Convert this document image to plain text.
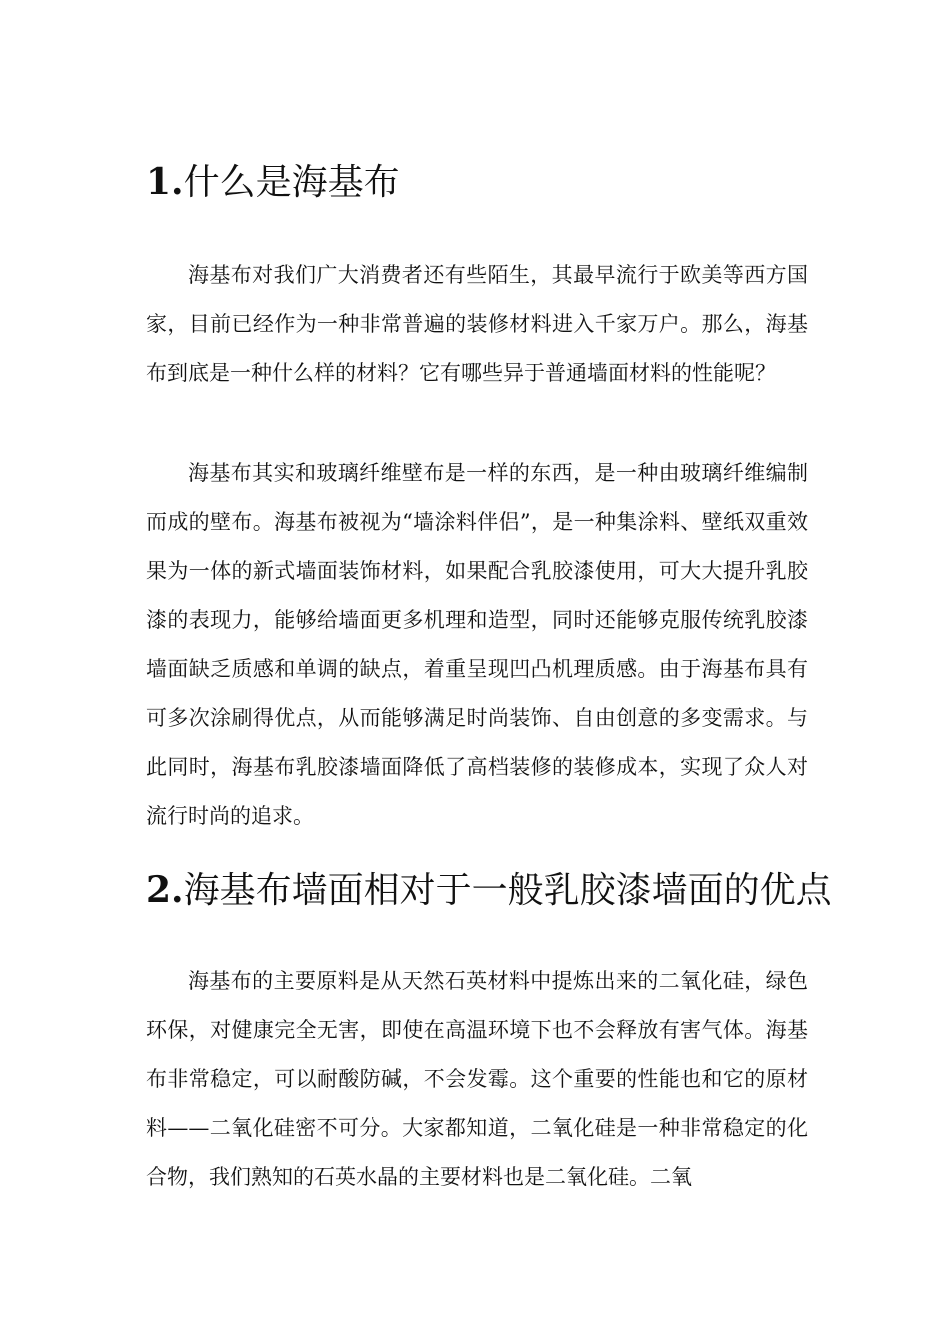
1.什么是海基布

海基布对我们广大消费者还有些陌生，其最早流行于欧美等西方国家，目前已经作为一种非常普遍的装修材料进入千家万户。那么，海基布到底是一种什么样的材料？它有哪些异于普通墙面材料的性能呢？

海基布其实和玻璃纤维壁布是一样的东西，是一种由玻璃纤维编制而成的壁布。海基布被视为“墙涂料伴侣”，是一种集涂料、壁纸双重效果为一体的新式墙面装饰材料，如果配合乳胶漆使用，可大大提升乳胶漆的表现力，能够给墙面更多机理和造型，同时还能够克服传统乳胶漆墙面缺乏质感和单调的缺点，着重呈现凹凸机理质感。由于海基布具有可多次涂刷得优点，从而能够满足时尚装饰、自由创意的多变需求。与此同时，海基布乳胶漆墙面降低了高档装修的装修成本，实现了众人对流行时尚的追求。

2.海基布墙面相对于一般乳胶漆墙面的优点

海基布的主要原料是从天然石英材料中提炼出来的二氧化硅，绿色环保，对健康完全无害，即使在高温环境下也不会释放有害气体。海基布非常稳定，可以耐酸防碱，不会发霉。这个重要的性能也和它的原材料——二氧化硅密不可分。大家都知道，二氧化硅是一种非常稳定的化合物，我们熟知的石英水晶的主要材料也是二氧化硅。二氧
